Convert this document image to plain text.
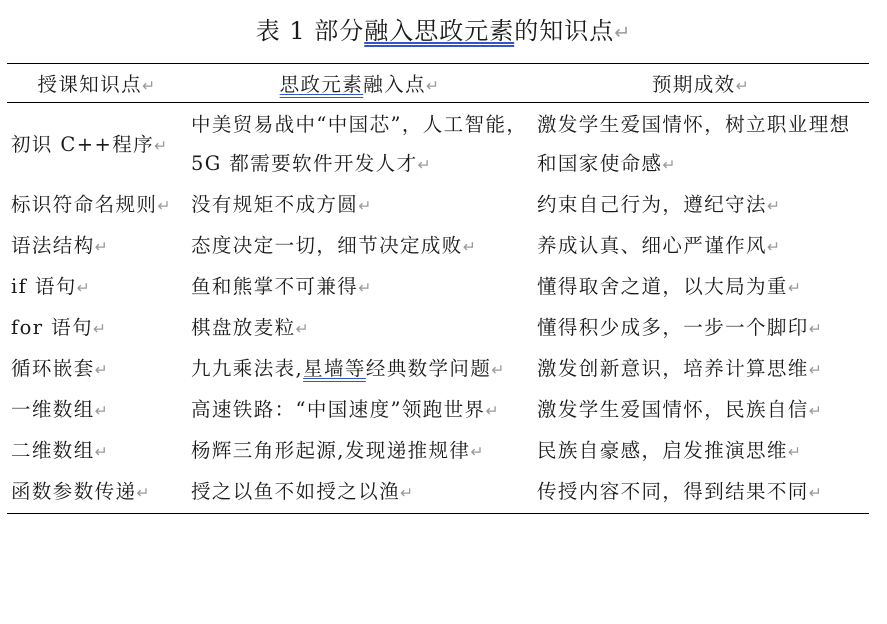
表 1 部分融入思政元素的知识点↵
授课知识点↵	思政元素融入点↵	预期成效↵
初识 C++程序↵	中美贸易战中“中国芯”，人工智能，5G 都需要软件开发人才↵	激发学生爱国情怀，树立职业理想和国家使命感↵
标识符命名规则↵	没有规矩不成方圆↵	约束自己行为，遵纪守法↵
语法结构↵	态度决定一切，细节决定成败↵	养成认真、细心严谨作风↵
if 语句↵	鱼和熊掌不可兼得↵	懂得取舍之道，以大局为重↵
for 语句↵	棋盘放麦粒↵	懂得积少成多，一步一个脚印↵
循环嵌套↵	九九乘法表,星墙等经典数学问题↵	激发创新意识，培养计算思维↵
一维数组↵	高速铁路：“中国速度”领跑世界↵	激发学生爱国情怀，民族自信↵
二维数组↵	杨辉三角形起源,发现递推规律↵	民族自豪感，启发推演思维↵
函数参数传递↵	授之以鱼不如授之以渔↵	传授内容不同，得到结果不同↵
